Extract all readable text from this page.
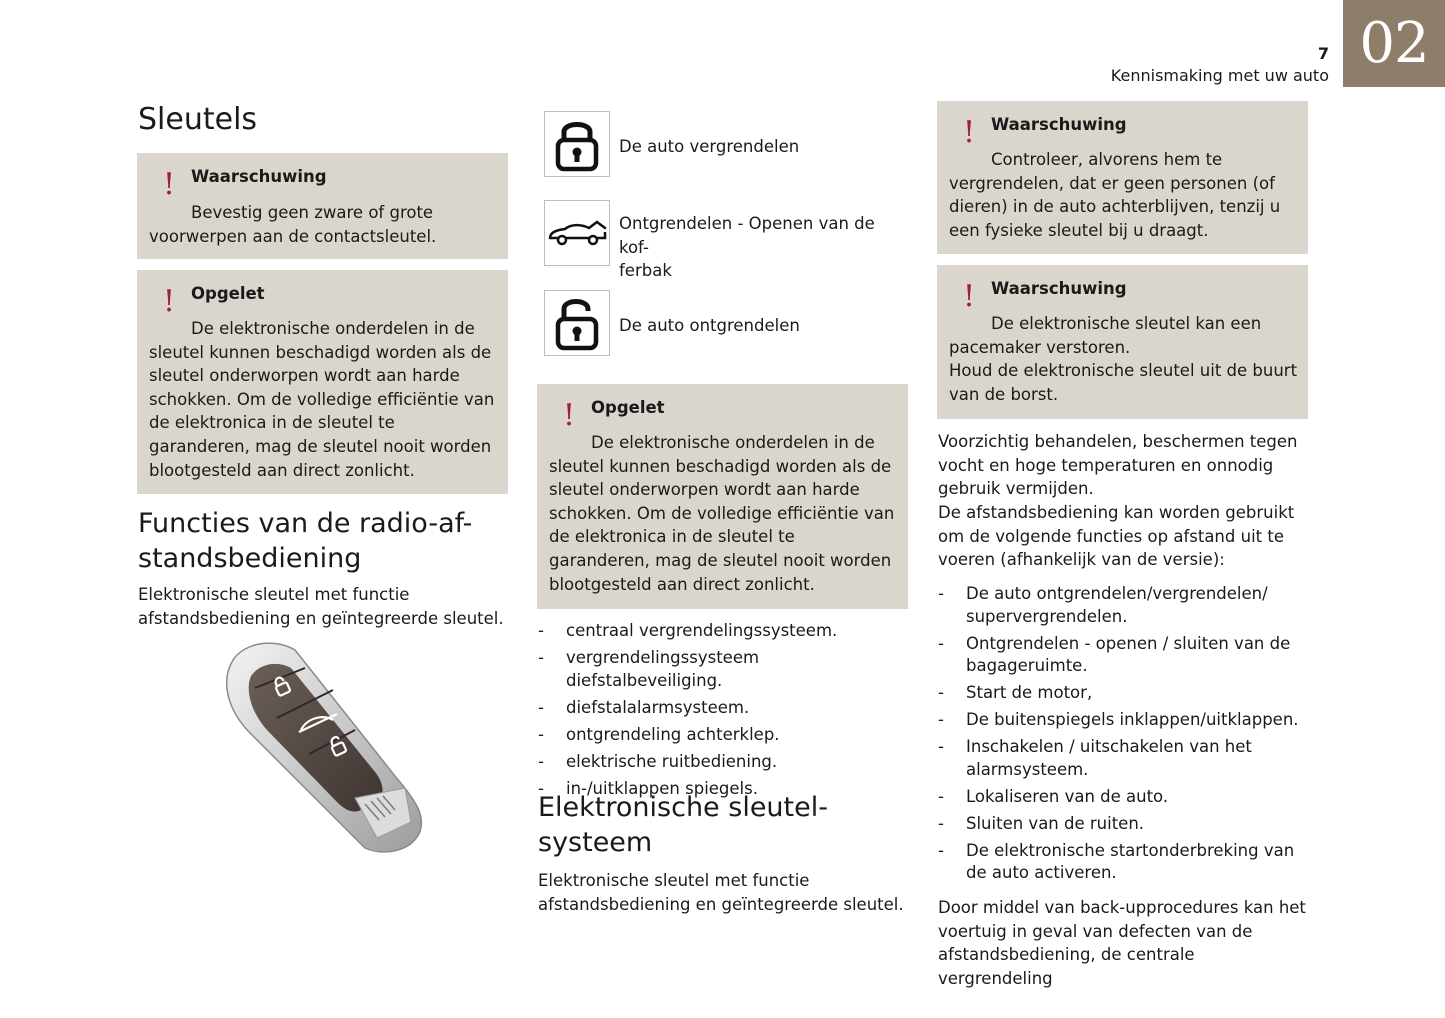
02
7
Kennismaking met uw auto
Sleutels
! Waarschuwing

Bevestig geen zware of grote voorwerpen aan de contactsleutel.

! Opgelet

De elektronische onderdelen in de sleutel kunnen beschadigd worden als de sleutel onderworpen wordt aan harde schokken. Om de volledige efficiëntie van de elektronica in de sleutel te garanderen, mag de sleutel nooit worden blootgesteld aan direct zonlicht.

Functies van de radio-af-
standsbediening

Elektronische sleutel met functie afstandsbediening en geïntegreerde sleutel.

De auto vergrendelen
Ontgrendelen - Openen van de kof-
ferbak
De auto ontgrendelen
! Opgelet

De elektronische onderdelen in de sleutel kunnen beschadigd worden als de sleutel onderworpen wordt aan harde schokken. Om de volledige efficiëntie van de elektronica in de sleutel te garanderen, mag de sleutel nooit worden blootgesteld aan direct zonlicht.

- centraal vergrendelingssysteem.
- vergrendelingssysteem diefstalbeveiliging.
- diefstalalarmsysteem.
- ontgrendeling achterklep.
- elektrische ruitbediening.
- in-/uitklappen spiegels.
Elektronische sleutel-
systeem

Elektronische sleutel met functie afstandsbediening en geïntegreerde sleutel.

! Waarschuwing

Controleer, alvorens hem te vergrendelen, dat er geen personen (of dieren) in de auto achterblijven, tenzij u een fysieke sleutel bij u draagt.

! Waarschuwing

De elektronische sleutel kan een pacemaker verstoren.

Houd de elektronische sleutel uit de buurt van de borst.

Voorzichtig behandelen, beschermen tegen vocht en hoge temperaturen en onnodig gebruik vermijden.

De afstandsbediening kan worden gebruikt om de volgende functies op afstand uit te voeren (afhankelijk van de versie):

- De auto ontgrendelen/vergrendelen/ supervergrendelen.
- Ontgrendelen - openen / sluiten van de bagageruimte.
- Start de motor,
- De buitenspiegels inklappen/uitklappen.
- Inschakelen / uitschakelen van het alarmsysteem.
- Lokaliseren van de auto.
- Sluiten van de ruiten.
- De elektronische startonderbreking van de auto activeren.

Door middel van back-upprocedures kan het voertuig in geval van defecten van de afstandsbediening, de centrale vergrendeling
